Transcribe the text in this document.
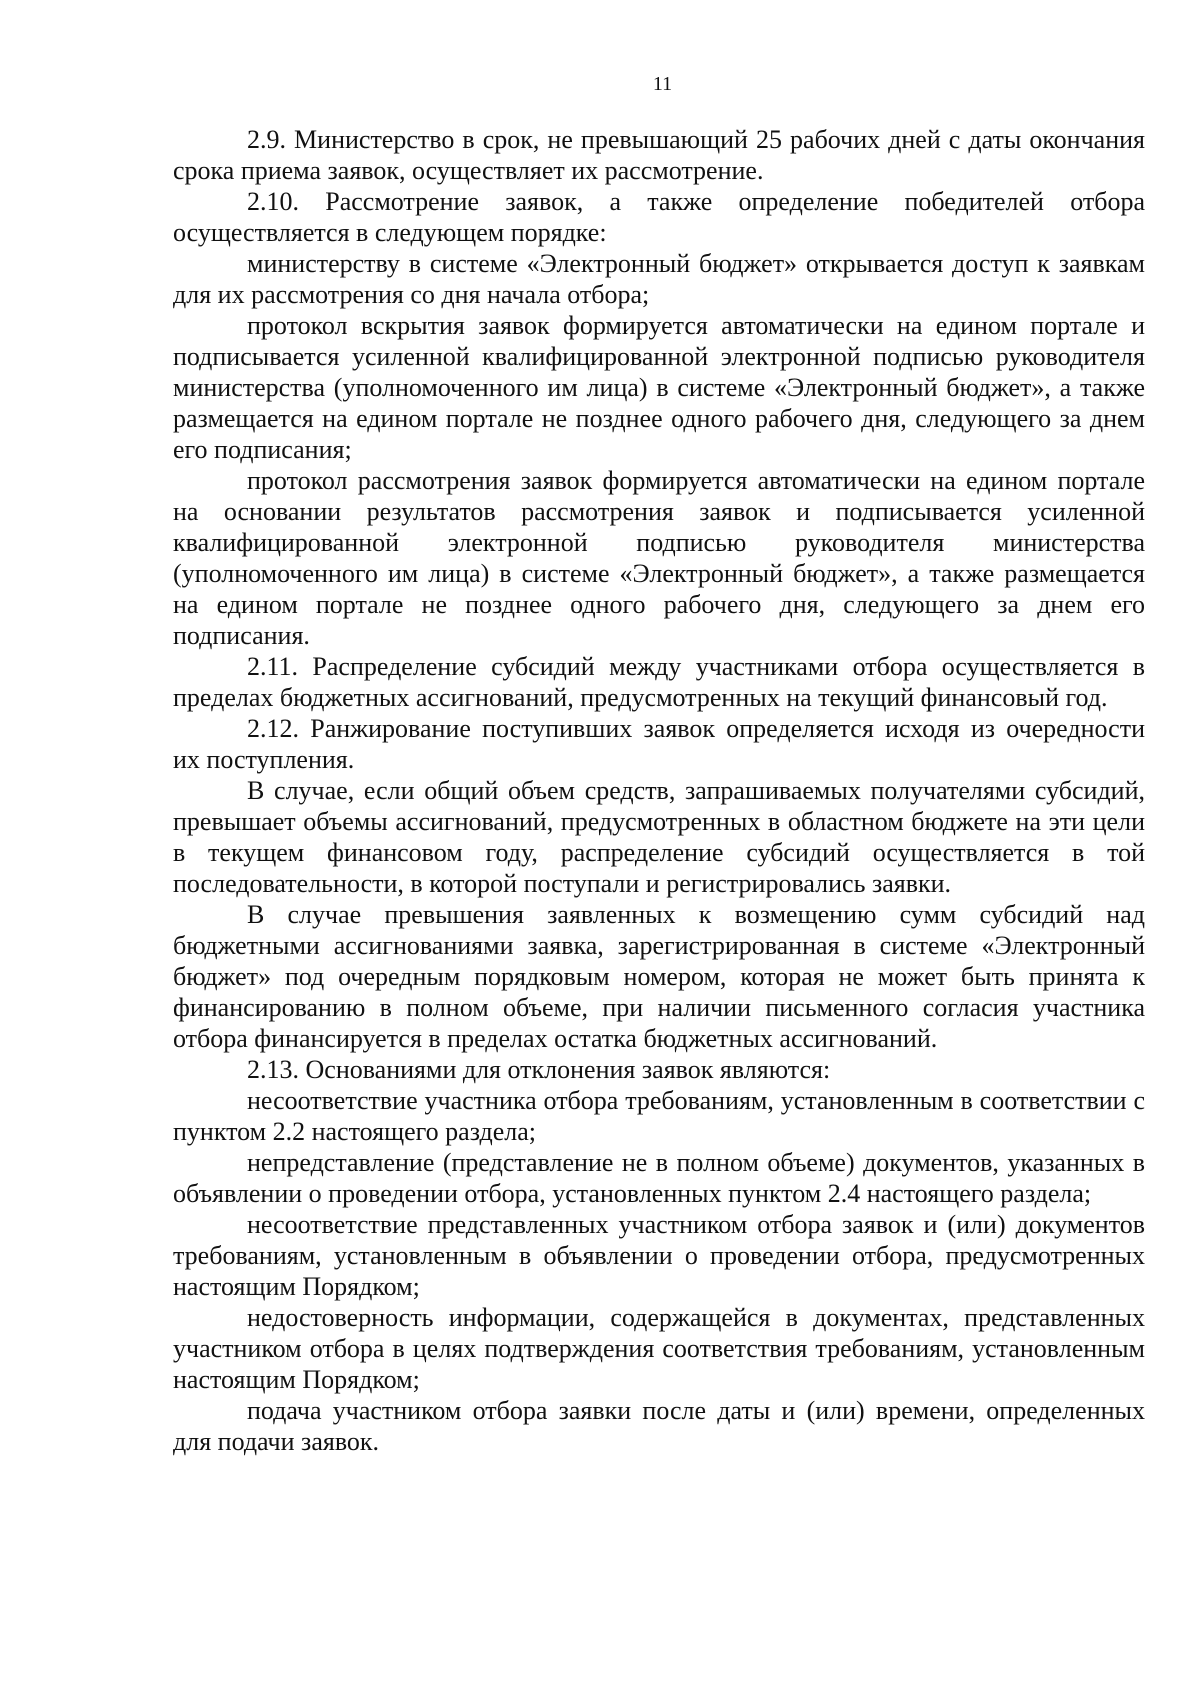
11

2.9. Министерство в срок, не превышающий 25 рабочих дней с даты окончания срока приема заявок, осуществляет их рассмотрение.

2.10. Рассмотрение заявок, а также определение победителей отбора осуществляется в следующем порядке:

министерству в системе «Электронный бюджет» открывается доступ к заявкам для их рассмотрения со дня начала отбора;

протокол вскрытия заявок формируется автоматически на едином портале и подписывается усиленной квалифицированной электронной подписью руководителя министерства (уполномоченного им лица) в системе «Электронный бюджет», а также размещается на едином портале не позднее одного рабочего дня, следующего за днем его подписания;

протокол рассмотрения заявок формируется автоматически на едином портале на основании результатов рассмотрения заявок и подписывается усиленной квалифицированной электронной подписью руководителя министерства (уполномоченного им лица) в системе «Электронный бюджет», а также размещается на едином портале не позднее одного рабочего дня, следующего за днем его подписания.

2.11. Распределение субсидий между участниками отбора осуществляется в пределах бюджетных ассигнований, предусмотренных на текущий финансовый год.

2.12. Ранжирование поступивших заявок определяется исходя из очередности их поступления.

В случае, если общий объем средств, запрашиваемых получателями субсидий, превышает объемы ассигнований, предусмотренных в областном бюджете на эти цели в текущем финансовом году, распределение субсидий осуществляется в той последовательности, в которой поступали и регистрировались заявки.

В случае превышения заявленных к возмещению сумм субсидий над бюджетными ассигнованиями заявка, зарегистрированная в системе «Электронный бюджет» под очередным порядковым номером, которая не может быть принята к финансированию в полном объеме, при наличии письменного согласия участника отбора финансируется в пределах остатка бюджетных ассигнований.

2.13. Основаниями для отклонения заявок являются:

несоответствие участника отбора требованиям, установленным в соответствии с пунктом 2.2 настоящего раздела;

непредставление (представление не в полном объеме) документов, указанных в объявлении о проведении отбора, установленных пунктом 2.4 настоящего раздела;

несоответствие представленных участником отбора заявок и (или) документов требованиям, установленным в объявлении о проведении отбора, предусмотренных настоящим Порядком;

недостоверность информации, содержащейся в документах, представленных участником отбора в целях подтверждения соответствия требованиям, установленным настоящим Порядком;

подача участником отбора заявки после даты и (или) времени, определенных для подачи заявок.
